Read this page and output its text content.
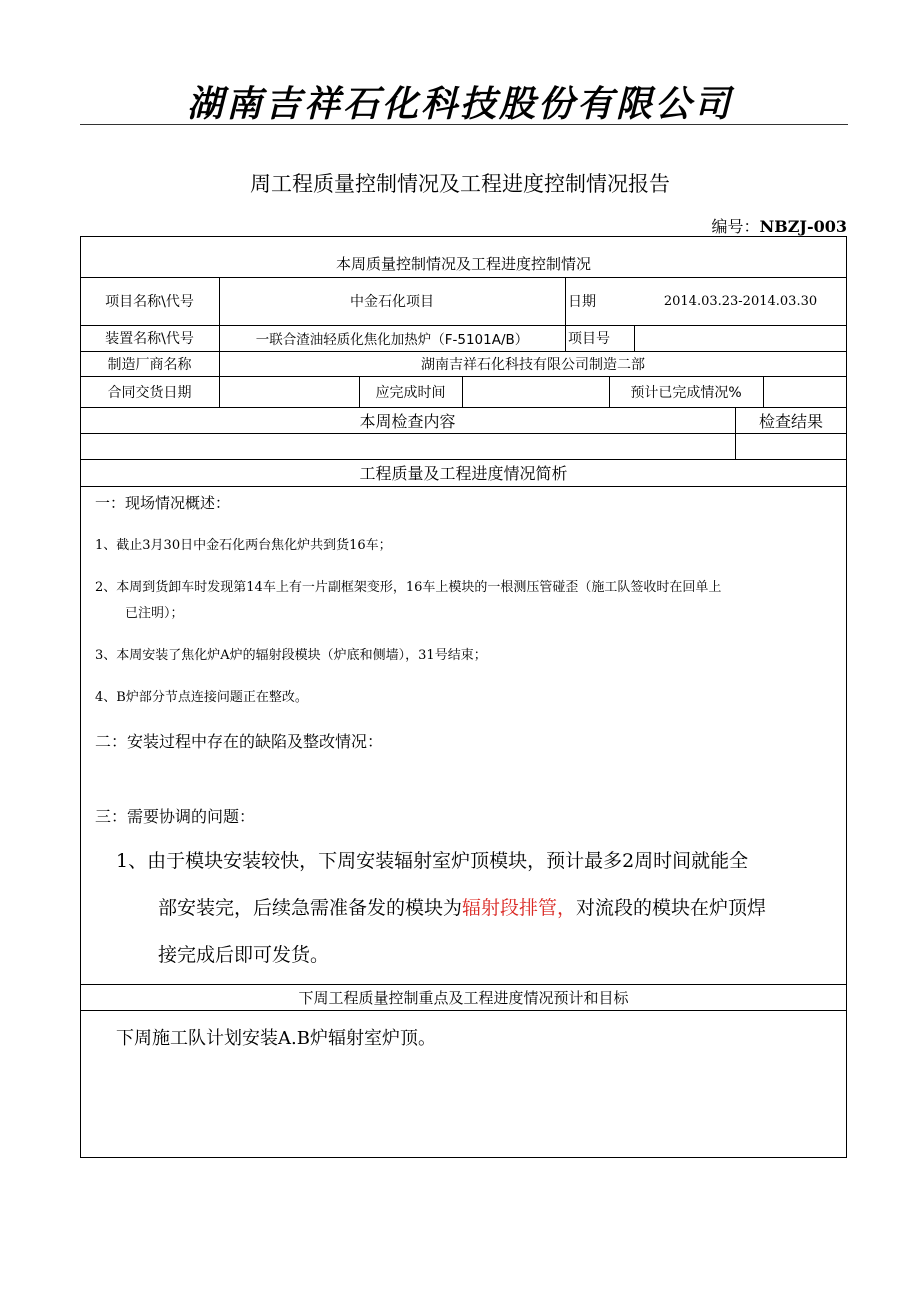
湖南吉祥石化科技股份有限公司
周工程质量控制情况及工程进度控制情况报告
编号：NBZJ-003
本周质量控制情况及工程进度控制情况
项目名称\代号	中金石化项目	日期	2014.03.23-2014.03.30
装置名称\代号	一联合渣油轻质化焦化加热炉（F-5101A/B）	项目号
制造厂商名称	湖南吉祥石化科技有限公司制造二部
合同交货日期	应完成时间	预计已完成情况%
本周检查内容	检查结果
工程质量及工程进度情况简析
一：现场情况概述：
1、截止3月30日中金石化两台焦化炉共到货16车；
2、本周到货卸车时发现第14车上有一片副框架变形，16车上模块的一根测压管碰歪（施工队签收时在回单上
已注明）；
3、本周安装了焦化炉A炉的辐射段模块（炉底和侧墙），31号结束；
4、B炉部分节点连接问题正在整改。
二：安装过程中存在的缺陷及整改情况：
三：需要协调的问题：
1、由于模块安装较快，下周安装辐射室炉顶模块，预计最多2周时间就能全
部安装完，后续急需准备发的模块为辐射段排管，对流段的模块在炉顶焊
接完成后即可发货。
下周工程质量控制重点及工程进度情况预计和目标
下周施工队计划安装A.B炉辐射室炉顶。
